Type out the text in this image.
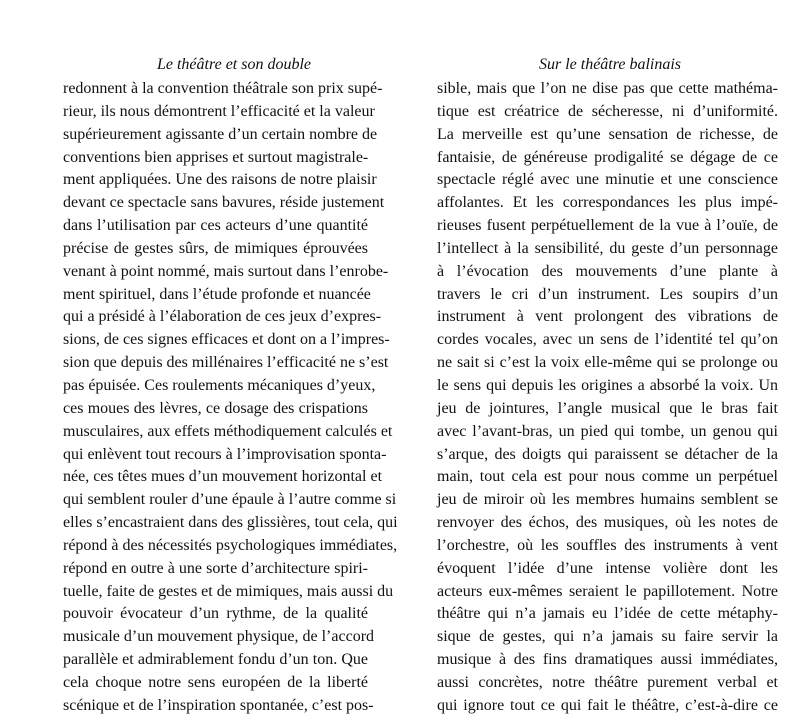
Le théâtre et son double
redonnent à la convention théâtrale son prix supé-
rieur, ils nous démontrent l’efficacité et la valeur
supérieurement agissante d’un certain nombre de
conventions bien apprises et surtout magistrale-
ment appliquées. Une des raisons de notre plaisir
devant ce spectacle sans bavures, réside justement
dans l’utilisation par ces acteurs d’une quantité
précise de gestes sûrs, de mimiques éprouvées
venant à point nommé, mais surtout dans l’enrobe-
ment spirituel, dans l’étude profonde et nuancée
qui a présidé à l’élaboration de ces jeux d’expres-
sions, de ces signes efficaces et dont on a l’impres-
sion que depuis des millénaires l’efficacité ne s’est
pas épuisée. Ces roulements mécaniques d’yeux,
ces moues des lèvres, ce dosage des crispations
musculaires, aux effets méthodiquement calculés et
qui enlèvent tout recours à l’improvisation sponta-
née, ces têtes mues d’un mouvement horizontal et
qui semblent rouler d’une épaule à l’autre comme si
elles s’encastraient dans des glissières, tout cela, qui
répond à des nécessités psychologiques immédiates,
répond en outre à une sorte d’architecture spiri-
tuelle, faite de gestes et de mimiques, mais aussi du
pouvoir évocateur d’un rythme, de la qualité
musicale d’un mouvement physique, de l’accord
parallèle et admirablement fondu d’un ton. Que
cela choque notre sens européen de la liberté
scénique et de l’inspiration spontanée, c’est pos-
Sur le théâtre balinais
sible, mais que l’on ne dise pas que cette mathéma-
tique est créatrice de sécheresse, ni d’uniformité.
La merveille est qu’une sensation de richesse, de
fantaisie, de généreuse prodigalité se dégage de ce
spectacle réglé avec une minutie et une conscience
affolantes. Et les correspondances les plus impé-
rieuses fusent perpétuellement de la vue à l’ouïe, de
l’intellect à la sensibilité, du geste d’un personnage
à l’évocation des mouvements d’une plante à
travers le cri d’un instrument. Les soupirs d’un
instrument à vent prolongent des vibrations de
cordes vocales, avec un sens de l’identité tel qu’on
ne sait si c’est la voix elle-même qui se prolonge ou
le sens qui depuis les origines a absorbé la voix. Un
jeu de jointures, l’angle musical que le bras fait
avec l’avant-bras, un pied qui tombe, un genou qui
s’arque, des doigts qui paraissent se détacher de la
main, tout cela est pour nous comme un perpétuel
jeu de miroir où les membres humains semblent se
renvoyer des échos, des musiques, où les notes de
l’orchestre, où les souffles des instruments à vent
évoquent l’idée d’une intense volière dont les
acteurs eux-mêmes seraient le papillotement. Notre
théâtre qui n’a jamais eu l’idée de cette métaphy-
sique de gestes, qui n’a jamais su faire servir la
musique à des fins dramatiques aussi immédiates,
aussi concrètes, notre théâtre purement verbal et
qui ignore tout ce qui fait le théâtre, c’est-à-dire ce
